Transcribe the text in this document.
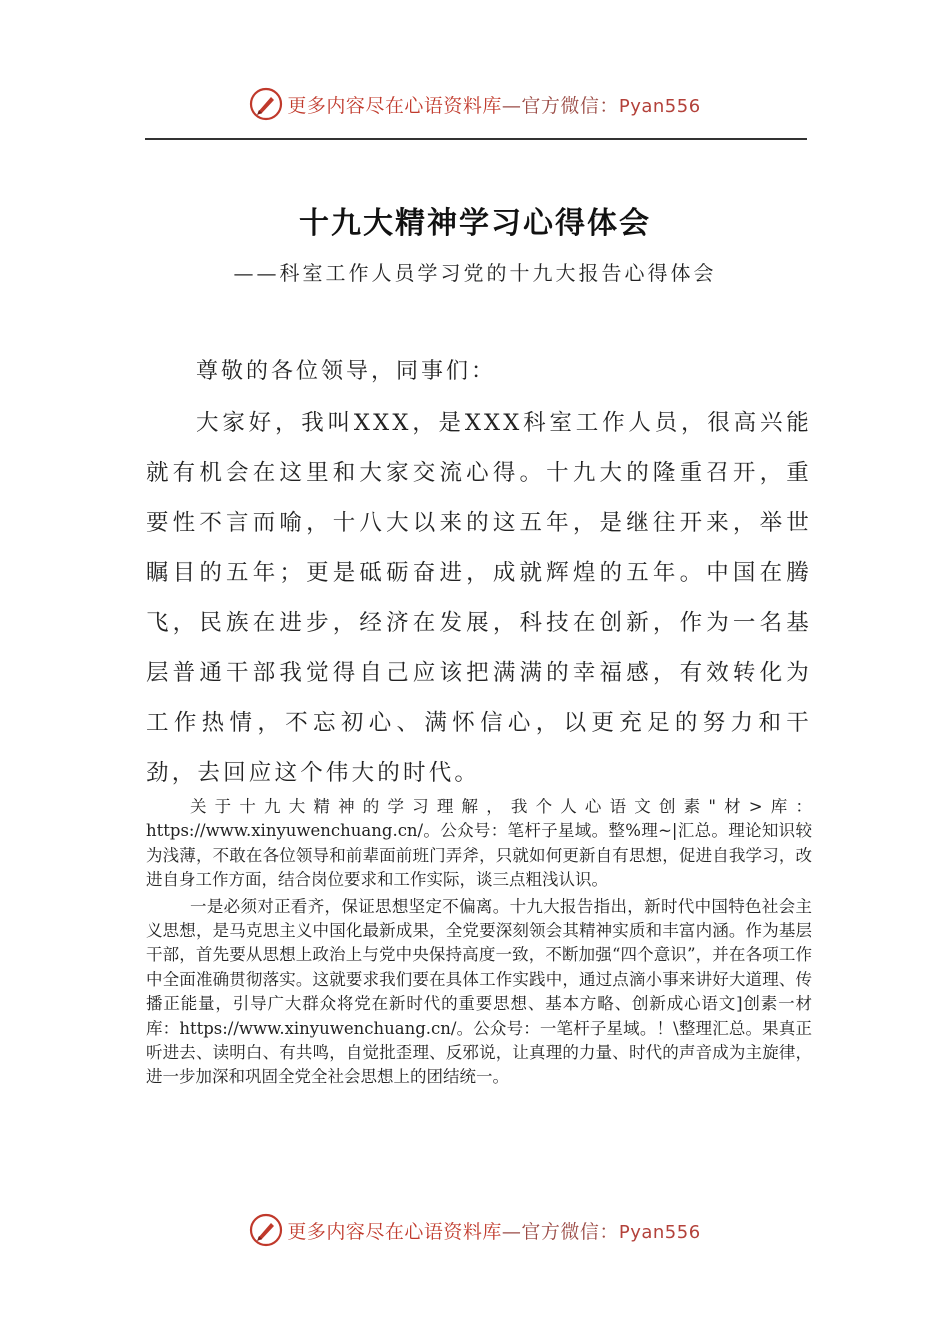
更多内容尽在心语资料库—官方微信：Pyan556
十九大精神学习心得体会
——科室工作人员学习党的十九大报告心得体会
尊敬的各位领导，同事们：

大家好，我叫XXX，是XXX科室工作人员，很高兴能就有机会在这里和大家交流心得。十九大的隆重召开，重要性不言而喻，十八大以来的这五年，是继往开来，举世瞩目的五年；更是砥砺奋进，成就辉煌的五年。中国在腾飞，民族在进步，经济在发展，科技在创新，作为一名基层普通干部我觉得自己应该把满满的幸福感，有效转化为工作热情，不忘初心、满怀信心，以更充足的努力和干劲，去回应这个伟大的时代。

关于十九大精神的学习理解，我个人心语文创素"材>库：https://www.xinyuwenchuang.cn/。公众号：笔杆子星域。整%理~|汇总。理论知识较为浅薄，不敢在各位领导和前辈面前班门弄斧，只就如何更新自有思想，促进自我学习，改进自身工作方面，结合岗位要求和工作实际，谈三点粗浅认识。

一是必须对正看齐，保证思想坚定不偏离。十九大报告指出，新时代中国特色社会主义思想，是马克思主义中国化最新成果，全党要深刻领会其精神实质和丰富内涵。作为基层干部，首先要从思想上政治上与党中央保持高度一致，不断加强“四个意识”，并在各项工作中全面准确贯彻落实。这就要求我们要在具体工作实践中，通过点滴小事来讲好大道理、传播正能量，引导广大群众将党在新时代的重要思想、基本方略、创新成心语文]创素一材库：https://www.xinyuwenchuang.cn/。公众号：一笔杆子星域。！\整理汇总。果真正听进去、读明白、有共鸣，自觉批歪理、反邪说，让真理的力量、时代的声音成为主旋律，进一步加深和巩固全党全社会思想上的团结统一。

更多内容尽在心语资料库—官方微信：Pyan556
